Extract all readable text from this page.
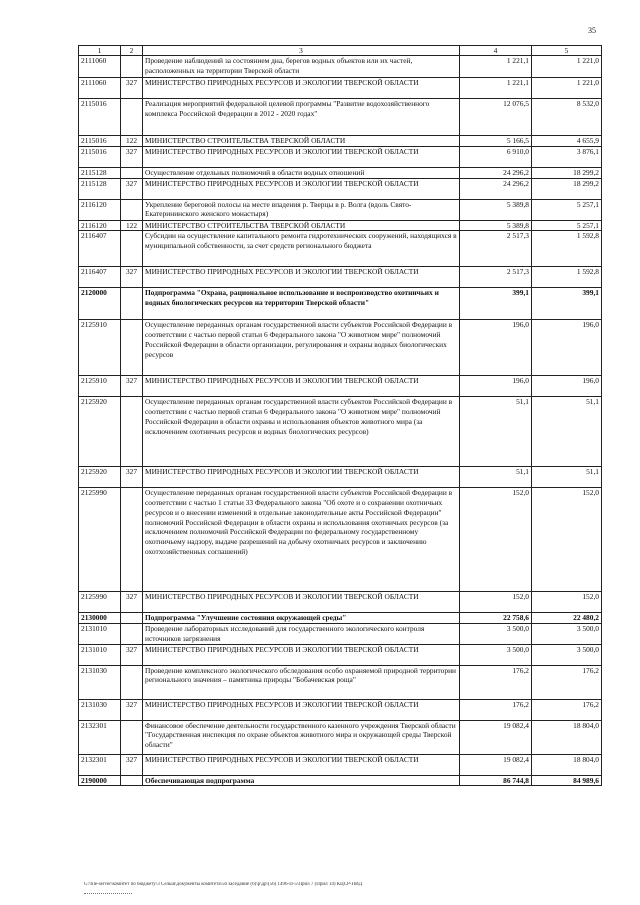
35
1	2	3	4	5
2111060		Проведение наблюдений за состоянием дна, берегов водных объектов или их частей, расположенных на территории Тверской области	1 221,1	1 221,0
2111060	327	МИНИСТЕРСТВО ПРИРОДНЫХ РЕСУРСОВ И ЭКОЛОГИИ ТВЕРСКОЙ ОБЛАСТИ	1 221,1	1 221,0
2115016		Реализация мероприятий федеральной целевой программы "Развитие водохозяйственного комплекса Российской Федерации в 2012 - 2020 годах"	12 076,5	8 532,0
2115016	122	МИНИСТЕРСТВО СТРОИТЕЛЬСТВА ТВЕРСКОЙ ОБЛАСТИ	5 166,5	4 655,9
2115016	327	МИНИСТЕРСТВО ПРИРОДНЫХ РЕСУРСОВ И ЭКОЛОГИИ ТВЕРСКОЙ ОБЛАСТИ	6 910,0	3 876,1
2115128		Осуществление отдельных полномочий в области водных отношений	24 296,2	18 299,2
2115128	327	МИНИСТЕРСТВО ПРИРОДНЫХ РЕСУРСОВ И ЭКОЛОГИИ ТВЕРСКОЙ ОБЛАСТИ	24 296,2	18 299,2
2116120		Укрепление береговой полосы на месте впадения р. Тверцы в р. Волга (вдоль Свято-Екатерининского женского монастыря)	5 389,8	5 257,1
2116120	122	МИНИСТЕРСТВО СТРОИТЕЛЬСТВА ТВЕРСКОЙ ОБЛАСТИ	5 389,8	5 257,1
2116407		Субсидии на осуществление капитального ремонта гидротехнических сооружений, находящихся в муниципальной собственности, за счет средств регионального бюджета	2 517,3	1 592,8
2116407	327	МИНИСТЕРСТВО ПРИРОДНЫХ РЕСУРСОВ И ЭКОЛОГИИ ТВЕРСКОЙ ОБЛАСТИ	2 517,3	1 592,8
2120000		Подпрограмма "Охрана, рациональное использование и воспроизводство охотничьих и водных биологических ресурсов на территории Тверской области"	399,1	399,1
2125910		Осуществление переданных органам государственной власти субъектов Российской Федерации в соответствии с частью первой статьи 6 Федерального закона "О животном мире" полномочий Российской Федерации в области организации, регулирования и охраны водных биологических ресурсов	196,0	196,0
2125910	327	МИНИСТЕРСТВО ПРИРОДНЫХ РЕСУРСОВ И ЭКОЛОГИИ ТВЕРСКОЙ ОБЛАСТИ	196,0	196,0
2125920		Осуществление переданных органам государственной власти субъектов Российской Федерации в соответствии с частью первой статьи 6 Федерального закона "О животном мире" полномочий Российской Федерации в области охраны и использования объектов животного мира (за исключением охотничьих ресурсов и водных биологических ресурсов)	51,1	51,1
2125920	327	МИНИСТЕРСТВО ПРИРОДНЫХ РЕСУРСОВ И ЭКОЛОГИИ ТВЕРСКОЙ ОБЛАСТИ	51,1	51,1
2125990		Осуществление переданных органам государственной власти субъектов Российской Федерации в соответствии с частью 1 статьи 33 Федерального закона "Об охоте и о сохранении охотничьих ресурсов и о внесении изменений в отдельные законодательные акты Российской Федерации" полномочий Российской Федерации в области охраны и использования охотничьих ресурсов (за исключением полномочий Российской Федерации по федеральному государственному охотничьему надзору, выдаче разрешений на добычу охотничьих ресурсов и заключению охотхозяйственных соглашений)	152,0	152,0
2125990	327	МИНИСТЕРСТВО ПРИРОДНЫХ РЕСУРСОВ И ЭКОЛОГИИ ТВЕРСКОЙ ОБЛАСТИ	152,0	152,0
2130000		Подпрограмма "Улучшение состояния окружающей среды"	22 758,6	22 480,2
2131010		Проведение лабораторных исследований для государственного экологического контроля источников загрязнения	3 500,0	3 500,0
2131010	327	МИНИСТЕРСТВО ПРИРОДНЫХ РЕСУРСОВ И ЭКОЛОГИИ ТВЕРСКОЙ ОБЛАСТИ	3 500,0	3 500,0
2131030		Проведение комплексного экологического обследования особо охраняемой природной территории регионального значения – памятника природы "Бобачевская роща"	176,2	176,2
2131030	327	МИНИСТЕРСТВО ПРИРОДНЫХ РЕСУРСОВ И ЭКОЛОГИИ ТВЕРСКОЙ ОБЛАСТИ	176,2	176,2
2132301		Финансовое обеспечение деятельности государственного казенного учреждения Тверской области "Государственная инспекция по охране объектов животного мира и окружающей среды Тверской области"	19 082,4	18 804,0
2132301	327	МИНИСТЕРСТВО ПРИРОДНЫХ РЕСУРСОВ И ЭКОЛОГИИ ТВЕРСКОЙ ОБЛАСТИ	19 082,4	18 804,0
2190000		Обеспечивающая подпрограмма	86 744,8	84 989,6
G:\file-server\комитет по бюджету\3 Сельш\документы комитета\56 заседание (6)\р\др\(56) 1496-П-5\Прил 7 (Прил 14) КЦСР-ПИД
